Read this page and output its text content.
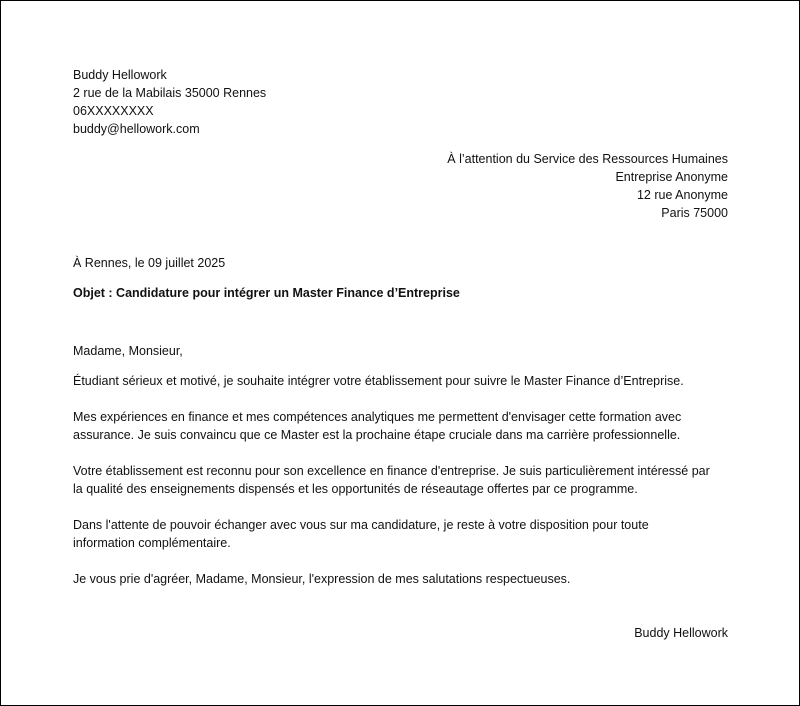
Buddy Hellowork
2 rue de la Mabilais 35000 Rennes
06XXXXXXXX
buddy@hellowork.com
À l’attention du Service des Ressources Humaines
Entreprise Anonyme
12 rue Anonyme
Paris 75000
À Rennes, le 09 juillet 2025
Objet : Candidature pour intégrer un Master Finance d’Entreprise
Madame, Monsieur,
Étudiant sérieux et motivé, je souhaite intégrer votre établissement pour suivre le Master Finance d’Entreprise.
Mes expériences en finance et mes compétences analytiques me permettent d'envisager cette formation avec
assurance. Je suis convaincu que ce Master est la prochaine étape cruciale dans ma carrière professionnelle.
Votre établissement est reconnu pour son excellence en finance d'entreprise. Je suis particulièrement intéressé par
la qualité des enseignements dispensés et les opportunités de réseautage offertes par ce programme.
Dans l'attente de pouvoir échanger avec vous sur ma candidature, je reste à votre disposition pour toute
information complémentaire.
Je vous prie d'agréer, Madame, Monsieur, l'expression de mes salutations respectueuses.
Buddy Hellowork
